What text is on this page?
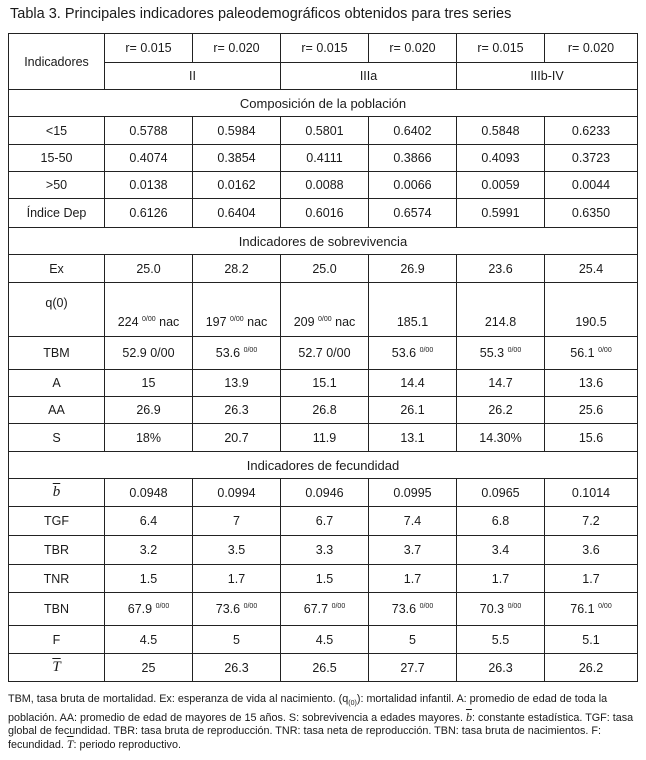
Tabla 3. Principales indicadores paleodemográficos obtenidos para tres series
Indicadores	r= 0.015	r= 0.020	r= 0.015	r= 0.020	r= 0.015	r= 0.020
	II		IIIa		IIIb-IV	
Composición de la población						
<15	0.5788	0.5984	0.5801	0.6402	0.5848	0.6233
15-50	0.4074	0.3854	0.4111	0.3866	0.4093	0.3723
>50	0.0138	0.0162	0.0088	0.0066	0.0059	0.0044
Índice Dep	0.6126	0.6404	0.6016	0.6574	0.5991	0.6350
Indicadores de sobrevivencia						
Ex	25.0	28.2	25.0	26.9	23.6	25.4
q(0)	224 $^{0/00}$ nac	197 $^{0/00}$ nac	209 $^{0/00}$ nac	185.1	214.8	190.5
TBM	52.9 0/00	53.6 $^{0/00}$	52.7 0/00	53.6 $^{0/00}$	55.3 $^{0/00}$	56.1 $^{0/00}$
A	15	13.9	15.1	14.4	14.7	13.6
AA	26.9	26.3	26.8	26.1	26.2	25.6
S	18%	20.7	11.9	13.1	14.30%	15.6
Indicadores de fecundidad						
$\overline{b}$	0.0948	0.0994	0.0946	0.0995	0.0965	0.1014
TGF	6.4	7	6.7	7.4	6.8	7.2
TBR	3.2	3.5	3.3	3.7	3.4	3.6
TNR	1.5	1.7	1.5	1.7	1.7	1.7
TBN	67.9 $^{0/00}$	73.6 $^{0/00}$	67.7 $^{0/00}$	73.6 $^{0/00}$	70.3 $^{0/00}$	76.1 $^{0/00}$
F	4.5	5	4.5	5	5.5	5.1
$\overline{T}$	25	26.3	26.5	27.7	26.3	26.2
TBM, tasa bruta de mortalidad. Ex: esperanza de vida al nacimiento. $(q_{(0)})$: mortalidad infantil. A: promedio de edad de toda la población. AA: promedio de edad de mayores de 15 años. S: sobrevivencia a edades mayores. $\overline{b}$: constante estadística. TGF: tasa global de fecundidad. TBR: tasa bruta de reproducción. TNR: tasa neta de reproducción. TBN: tasa bruta de nacimientos. F: fecundidad. $\overline{T}$: periodo reproductivo.
